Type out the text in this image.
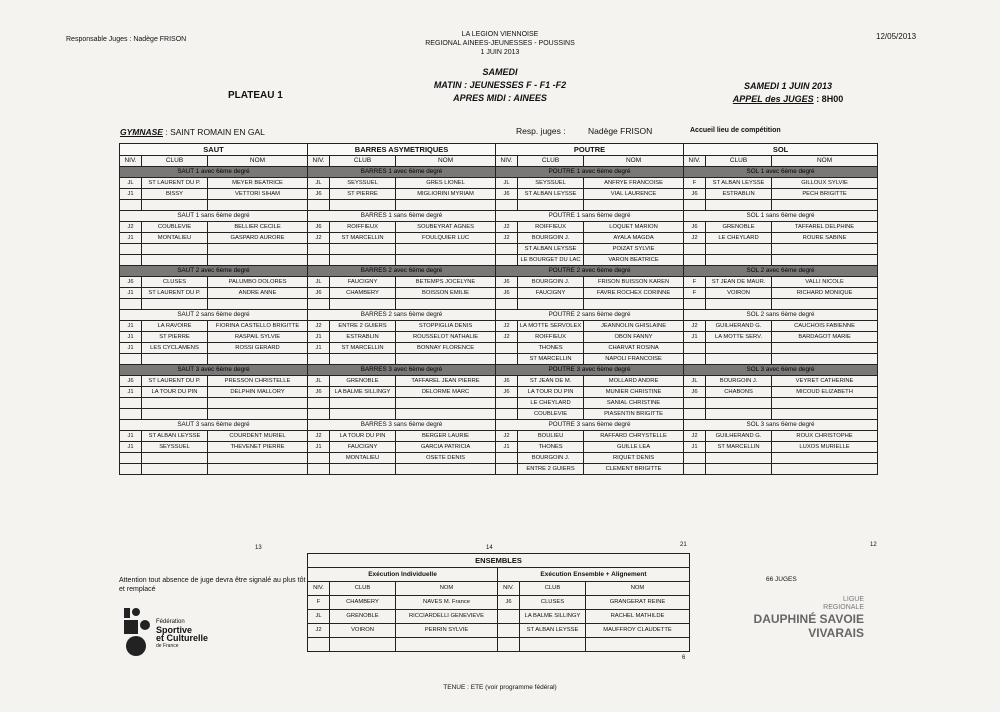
Responsable Juges : Nadège FRISON
LA LEGION VIENNOISE
REGIONAL AINEES-JEUNESSES - POUSSINS
1 JUIN 2013
12/05/2013
SAMEDI
MATIN : JEUNESSES F - F1 -F2
APRES MIDI : AINEES
PLATEAU 1
SAMEDI 1 JUIN 2013
APPEL des JUGES : 8H00
GYMNASE : SAINT ROMAIN EN GAL	Resp. juges :	Nadège FRISON	Accueil lieu de compétition
SAUT			BARRES ASYMETRIQUES			POUTRE			SOL		
NIV.	CLUB	NOM	NIV.	CLUB	NOM	NIV.	CLUB	NOM	NIV.	CLUB	NOM
SAUT 1 avec 6ème degré			BARRES 1 avec 6ème degré			POUTRE 1 avec 6ème degré			SOL 1 avec 6ème degré		
JL	ST LAURENT DU P.	MEYER BEATRICE	JL	SEYSSUEL	GRES LIONEL	JL	SEYSSUEL	ANFRYE FRANCOISE	F	ST ALBAN LEYSSE	GILLOUX SYLVIE
J1	BISSY	VETTORI SIHAM	J6	ST PIERRE	MIGLIORINI MYRIAM	J6	ST ALBAN LEYSSE	VIAL LAURENCE	J6	ESTRABLIN	PECH BRIGITTE

SAUT 1 sans 6ème degré			BARRES 1 sans 6ème degré			POUTRE 1 sans 6ème degré			SOL 1 sans 6ème degré		
J2	COUBLEVIE	BELLIER CECILE	J6	ROIFFIEUX	SOUBEYRAT AGNES	J2	ROIFFIEUX	LOQUET MARION	J6	GRENOBLE	TAFFAREL DELPHINE
J1	MONTALIEU	GASPARD AURORE	J2	ST MARCELLIN	FOULQUIER LUC	J2	BOURGOIN J.	AYALA MAGDA	J2	LE CHEYLARD	ROURE SABINE
							ST ALBAN LEYSSE	POIZAT SYLVIE			
							LE BOURGET DU LAC	VARON BEATRICE			
SAUT 2 avec 6ème degré			BARRES 2 avec 6ème degré			POUTRE 2 avec 6ème degré			SOL 2 avec 6ème degré		
J6	CLUSES	PALUMBO DOLORES	JL	FAUCIGNY	BETEMPS JOCELYNE	J6	BOURGOIN J.	FRISON BUISSON KAREN	F	ST JEAN DE MAUR.	VALLI NICOLE
J1	ST LAURENT DU P.	ANDRE ANNE	J6	CHAMBERY	BOISSON EMILIE	J6	FAUCIGNY	FAVRE ROCHEX CORINNE	F	VOIRON	RICHARD MONIQUE

SAUT 2 sans 6ème degré			BARRES 2 sans 6ème degré			POUTRE 2 sans 6ème degré			SOL 2 sans 6ème degré		
J1	LA RAVOIRE	FIORINA CASTELLO BRIGITTE	J2	ENTRE 2 GUIERS	STOPPIGLIA DENIS	J2	LA MOTTE SERVOLEX	JEANNOLIN GHISLAINE	J2	GUILHERAND G.	CAUCHOIS FABIENNE
J1	ST PIERRE	RASPAIL SYLVIE	J1	ESTRABLIN	ROUSSELOT NATHALIE	J2	ROIFFIEUX	OBON FANNY	J1	LA MOTTE SERV.	BARDAGOT MARIE
J1	LES CYCLAMENS	ROSSI GERARD	J1	ST MARCELLIN	BONNAY FLORENCE		THONES	CHARVAT ROSINA			
							ST MARCELLIN	NAPOLI FRANCOISE			
SAUT 3 avec 6ème degré			BARRES 3 avec 6ème degré			POUTRE 3 avec 6ème degré			SOL 3 avec 6ème degré		
J6	ST LAURENT DU P.	PRESSON CHRISTELLE	JL	GRENOBLE	TAFFAREL JEAN PIERRE	J6	ST JEAN DE M.	MOLLARD ANDRE	JL	BOURGOIN J.	VEYRET CATHERINE
J1	LA TOUR DU PIN	DELPHIN MALLORY	J6	LA BALME SILLINGY	DELORME MARC	J6	LA TOUR DU PIN	MUNIER CHRISTINE	J6	CHABONS	MICOUD ELIZABETH
							LE CHEYLARD	SANIAL CHRISTINE			
							COUBLEVIE	PIASENTIN BRIGITTE			
SAUT 3 sans 6ème degré			BARRES 3 sans 6ème degré			POUTRE 3 sans 6ème degré			SOL 3 sans 6ème degré		
J1	ST ALBAN LEYSSE	COURDENT MURIEL	J2	LA TOUR DU PIN	BERGER LAURIE	J2	BOULIEU	RAFFARD CHRYSTELLE	J2	GUILHERAND G.	ROUX CHRISTOPHE
J1	SEYSSUEL	THEVENET PIERRE	J1	FAUCIGNY	GARCIA PATRICIA	J1	THONES	GUILLE LEA	J1	ST MARCELLIN	LUXOS MURIELLE
				MONTALIEU	OSETE DENIS		BOURGOIN J.	RIQUET DENIS			
							ENTRE 2 GUIERS	CLEMENT BRIGITTE			
13	14	21	12
ENSEMBLES					
Exécution Individuelle			Exécution Ensemble + Alignement		
NIV.	CLUB	NOM	NIV.	CLUB	NOM
F	CHAMBERY	NAVES M. France	J6	CLUSES	GRANGERAT REINE
JL	GRENOBLE	RICCIARDELLI GENEVIEVE		LA BALME SILLINGY	RACHEL MATHILDE
J2	VOIRON	PERRIN SYLVIE		ST ALBAN LEYSSE	MAUFFROY CLAUDETTE

6
Attention tout absence de juge devra être signalé au plus tôt et remplacé
66 JUGES
Fédération
Sportive
et Culturelle
de France
LIGUE
REGIONALE
DAUPHINÉ SAVOIE
VIVARAIS
TENUE : ETE (voir programme fédéral)
